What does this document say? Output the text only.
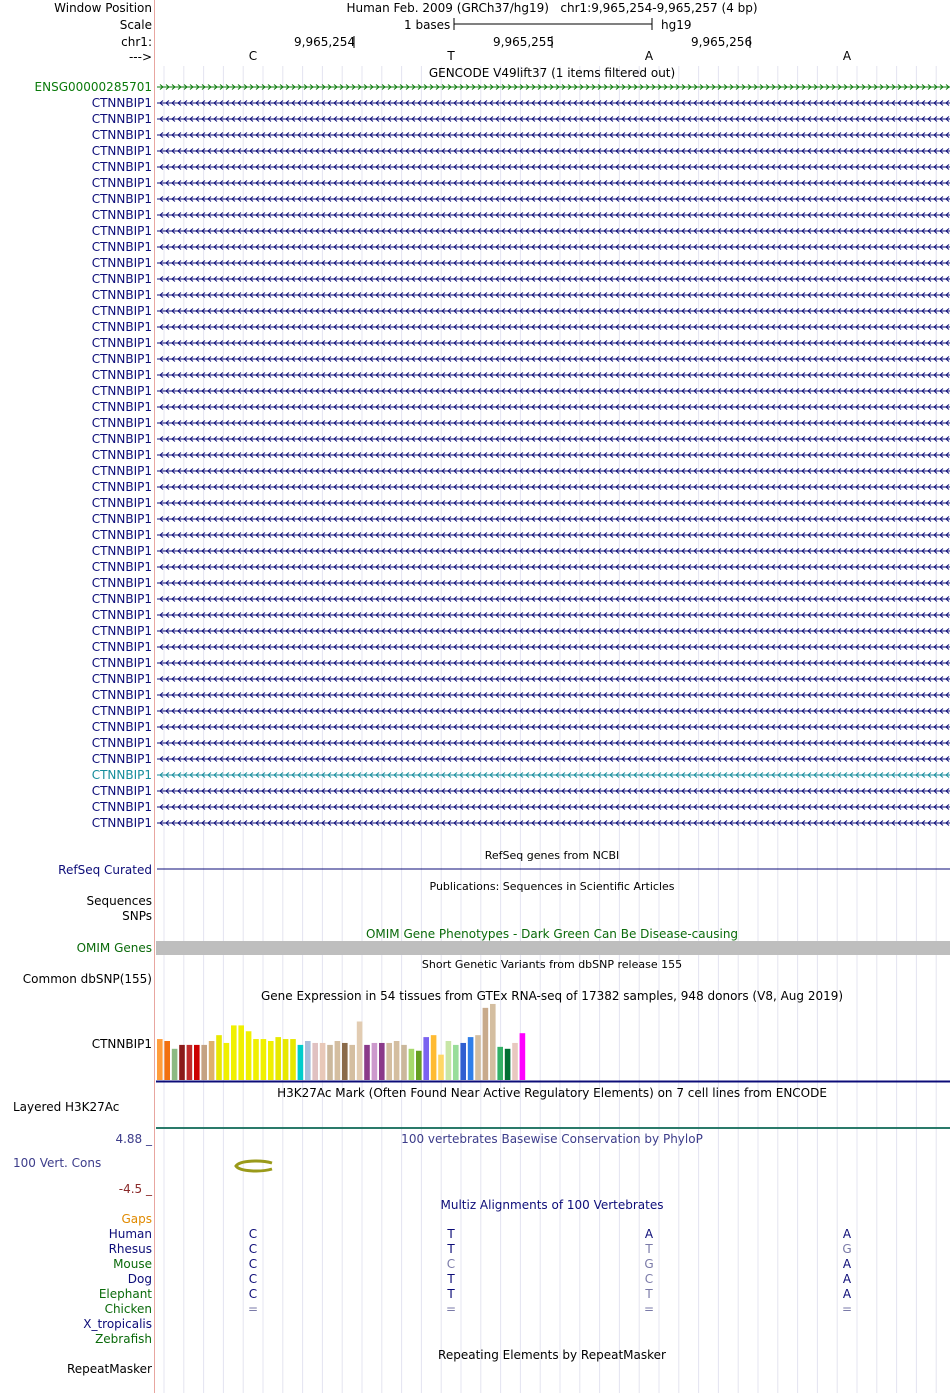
Window Position	Human Feb. 2009 (GRCh37/hg19) chr1:9,965,254-9,965,257 (4 bp)
Scale	1 bases	hg19
chr1:	9,965,254	9,965,255	9,965,256
--->	C	T	A	A
GENCODE V49lift37 (1 items filtered out)
ENSG00000285701
CTNNBIP1
CTNNBIP1
CTNNBIP1
CTNNBIP1
CTNNBIP1
CTNNBIP1
CTNNBIP1
CTNNBIP1
CTNNBIP1
CTNNBIP1
CTNNBIP1
CTNNBIP1
CTNNBIP1
CTNNBIP1
CTNNBIP1
CTNNBIP1
CTNNBIP1
CTNNBIP1
CTNNBIP1
CTNNBIP1
CTNNBIP1
CTNNBIP1
CTNNBIP1
CTNNBIP1
CTNNBIP1
CTNNBIP1
CTNNBIP1
CTNNBIP1
CTNNBIP1
CTNNBIP1
CTNNBIP1
CTNNBIP1
CTNNBIP1
CTNNBIP1
CTNNBIP1
CTNNBIP1
CTNNBIP1
CTNNBIP1
CTNNBIP1
CTNNBIP1
CTNNBIP1
CTNNBIP1
CTNNBIP1
CTNNBIP1
CTNNBIP1
CTNNBIP1
RefSeq genes from NCBI
RefSeq Curated
Publications: Sequences in Scientific Articles
Sequences
SNPs
OMIM Gene Phenotypes - Dark Green Can Be Disease-causing
OMIM Genes
Short Genetic Variants from dbSNP release 155
Common dbSNP(155)
Gene Expression in 54 tissues from GTEx RNA-seq of 17382 samples, 948 donors (V8, Aug 2019)
CTNNBIP1
H3K27Ac Mark (Often Found Near Active Regulatory Elements) on 7 cell lines from ENCODE
Layered H3K27Ac
100 vertebrates Basewise Conservation by PhyloP
4.88 _
100 Vert. Cons
-4.5 _
Multiz Alignments of 100 Vertebrates
Gaps
Human	C	T	A	A
Rhesus	C	T	T	G
Mouse	C	C	G	A
Dog	C	T	C	A
Elephant	C	T	T	A
Chicken	=	=	=	=
X_tropicalis
Zebrafish
Repeating Elements by RepeatMasker
RepeatMasker
